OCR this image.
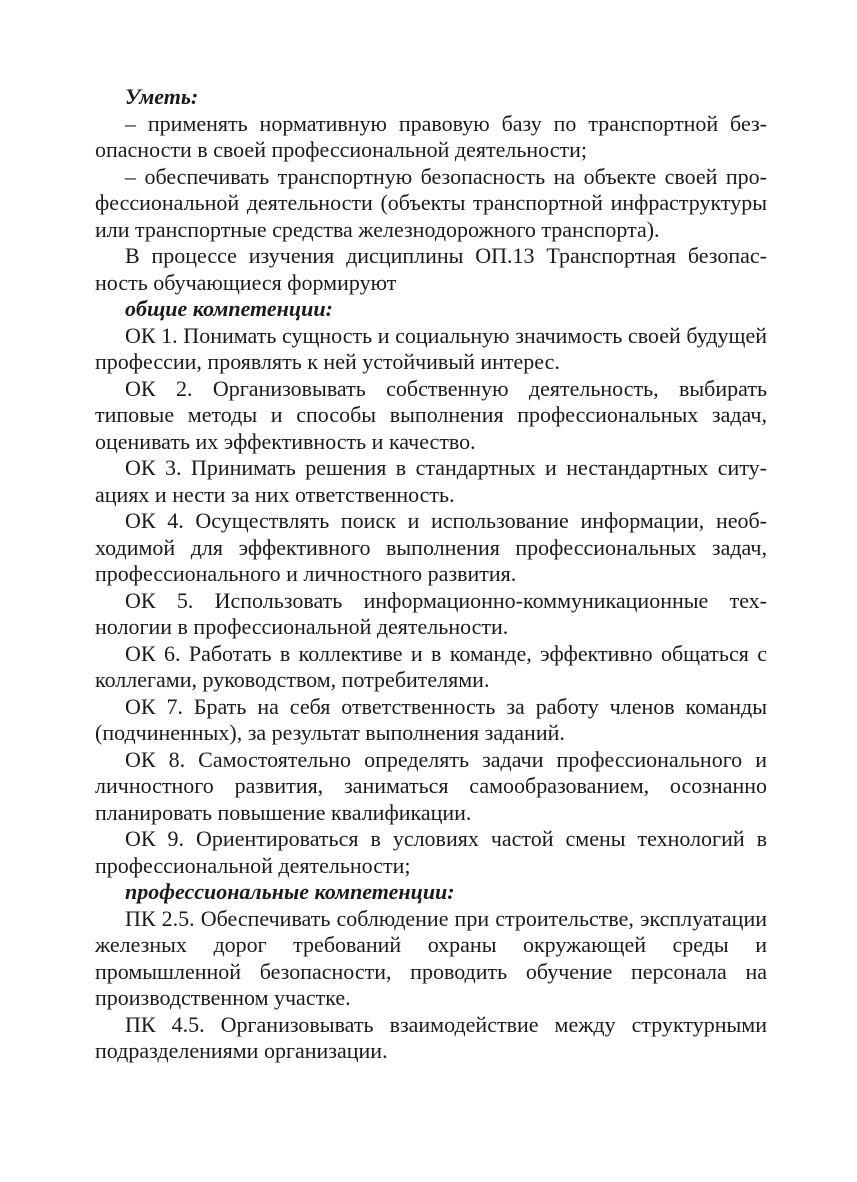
Уметь:

– применять нормативную правовую базу по транспортной безопасности в своей профессиональной деятельности;

– обеспечивать транспортную безопасность на объекте своей профессиональной деятельности (объекты транспортной инфраструктуры или транспортные средства железнодорожного транспорта).

В процессе изучения дисциплины ОП.13 Транспортная безопасность обучающиеся формируют

общие компетенции:

ОК 1. Понимать сущность и социальную значимость своей будущей профессии, проявлять к ней устойчивый интерес.

ОК 2. Организовывать собственную деятельность, выбирать типовые методы и способы выполнения профессиональных задач, оценивать их эффективность и качество.

ОК 3. Принимать решения в стандартных и нестандартных ситуациях и нести за них ответственность.

ОК 4. Осуществлять поиск и использование информации, необходимой для эффективного выполнения профессиональных задач, профессионального и личностного развития.

ОК 5. Использовать информационно-коммуникационные технологии в профессиональной деятельности.

ОК 6. Работать в коллективе и в команде, эффективно общаться с коллегами, руководством, потребителями.

ОК 7. Брать на себя ответственность за работу членов команды (подчиненных), за результат выполнения заданий.

ОК 8. Самостоятельно определять задачи профессионального и личностного развития, заниматься самообразованием, осознанно планировать повышение квалификации.

ОК 9. Ориентироваться в условиях частой смены технологий в профессиональной деятельности;

профессиональные компетенции:

ПК 2.5. Обеспечивать соблюдение при строительстве, эксплуатации железных дорог требований охраны окружающей среды и промышленной безопасности, проводить обучение персонала на производственном участке.

ПК 4.5. Организовывать взаимодействие между структурными подразделениями организации.
